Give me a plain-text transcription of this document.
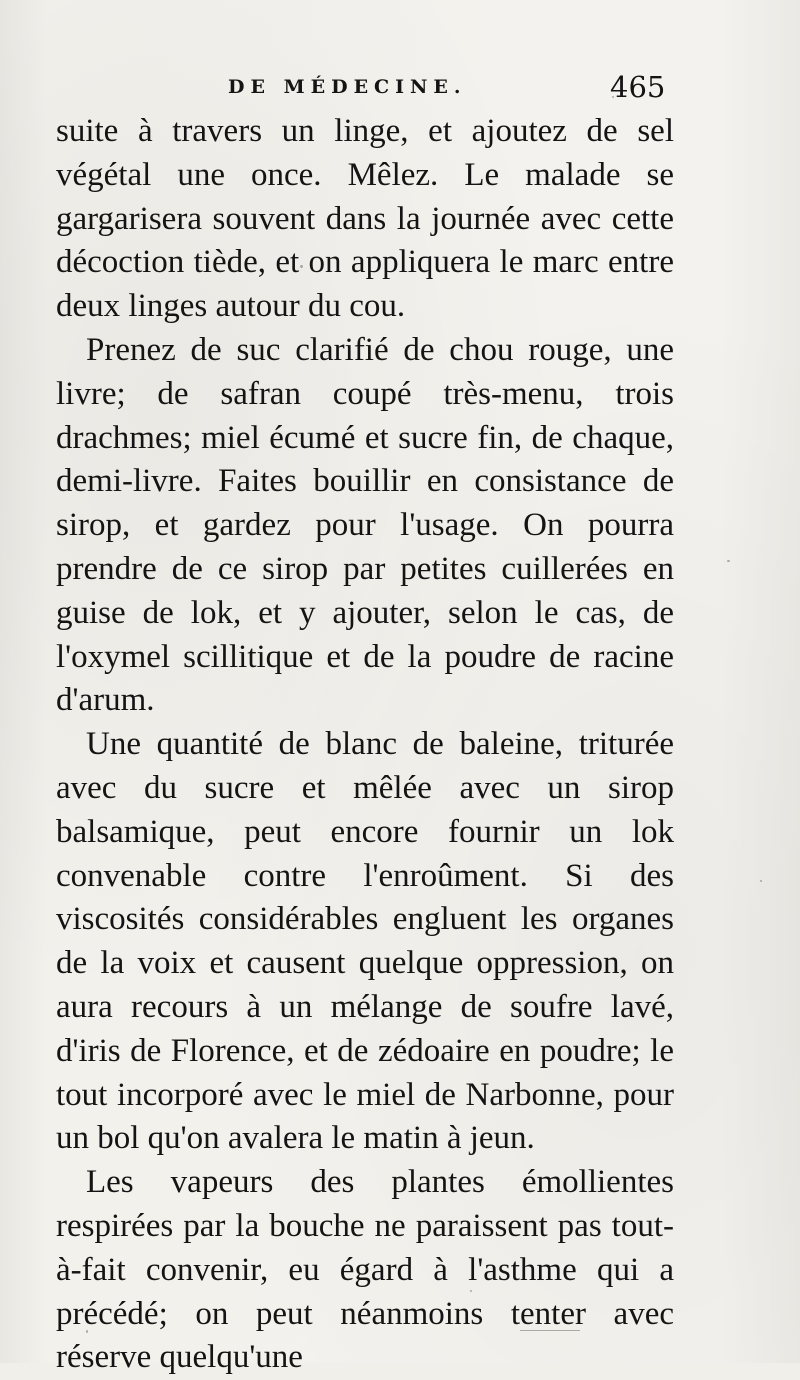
DE MÉDECINE.	465

suite à travers un linge, et ajoutez de sel végétal une once. Mêlez. Le malade se gargarisera souvent dans la journée avec cette décoction tiède, et on appliquera le marc entre deux linges autour du cou.

Prenez de suc clarifié de chou rouge, une livre; de safran coupé très-menu, trois drachmes; miel écumé et sucre fin, de chaque, demi-livre. Faites bouillir en consistance de sirop, et gardez pour l'usage. On pourra prendre de ce sirop par petites cuillerées en guise de lok, et y ajouter, selon le cas, de l'oxymel scillitique et de la poudre de racine d'arum.

Une quantité de blanc de baleine, triturée avec du sucre et mêlée avec un sirop balsamique, peut encore fournir un lok convenable contre l'enroûment. Si des viscosités considérables engluent les organes de la voix et causent quelque oppression, on aura recours à un mélange de soufre lavé, d'iris de Florence, et de zédoaire en poudre; le tout incorporé avec le miel de Narbonne, pour un bol qu'on avalera le matin à jeun.

Les vapeurs des plantes émollientes respirées par la bouche ne paraissent pas tout-à-fait convenir, eu égard à l'asthme qui a précédé; on peut néanmoins tenter avec réserve quelqu'une
